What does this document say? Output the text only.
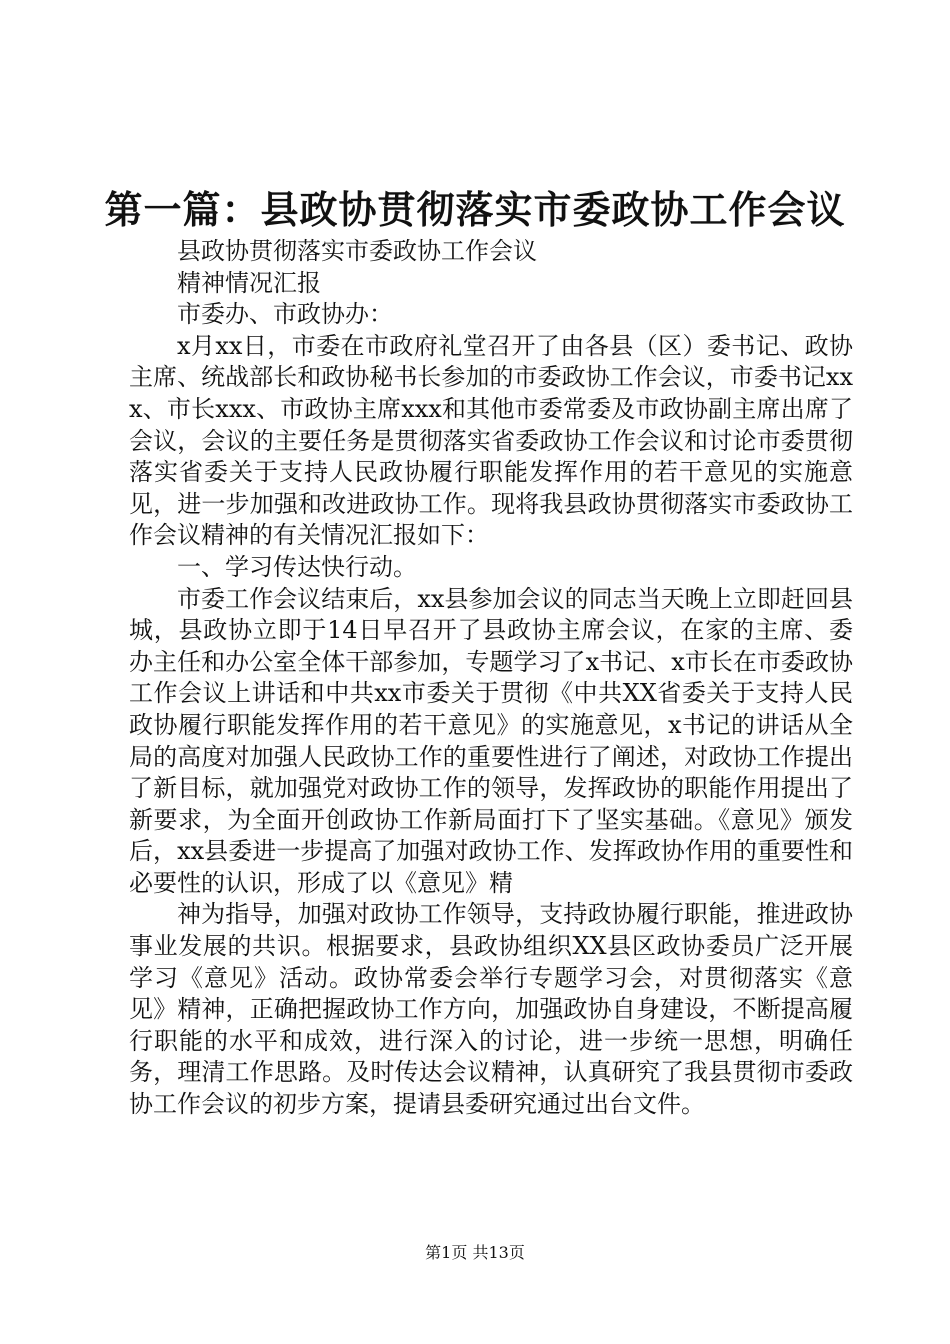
第一篇：县政协贯彻落实市委政协工作会议

县政协贯彻落实市委政协工作会议

精神情况汇报

市委办、市政协办：

x月xx日，市委在市政府礼堂召开了由各县（区）委书记、政协主席、统战部长和政协秘书长参加的市委政协工作会议，市委书记xxx、市长xxx、市政协主席xxx和其他市委常委及市政协副主席出席了会议，会议的主要任务是贯彻落实省委政协工作会议和讨论市委贯彻落实省委关于支持人民政协履行职能发挥作用的若干意见的实施意见，进一步加强和改进政协工作。现将我县政协贯彻落实市委政协工作会议精神的有关情况汇报如下：

一、学习传达快行动。

市委工作会议结束后，xx县参加会议的同志当天晚上立即赶回县城，县政协立即于14日早召开了县政协主席会议，在家的主席、委办主任和办公室全体干部参加，专题学习了x书记、x市长在市委政协工作会议上讲话和中共xx市委关于贯彻《中共XX省委关于支持人民政协履行职能发挥作用的若干意见》的实施意见，x书记的讲话从全局的高度对加强人民政协工作的重要性进行了阐述，对政协工作提出了新目标，就加强党对政协工作的领导，发挥政协的职能作用提出了新要求，为全面开创政协工作新局面打下了坚实基础。《意见》颁发后，xx县委进一步提高了加强对政协工作、发挥政协作用的重要性和必要性的认识，形成了以《意见》精

神为指导，加强对政协工作领导，支持政协履行职能，推进政协事业发展的共识。根据要求，县政协组织XX县区政协委员广泛开展学习《意见》活动。政协常委会举行专题学习会，对贯彻落实《意见》精神，正确把握政协工作方向，加强政协自身建设，不断提高履行职能的水平和成效，进行深入的讨论，进一步统一思想，明确任务，理清工作思路。及时传达会议精神，认真研究了我县贯彻市委政协工作会议的初步方案，提请县委研究通过出台文件。

第1页 共13页
